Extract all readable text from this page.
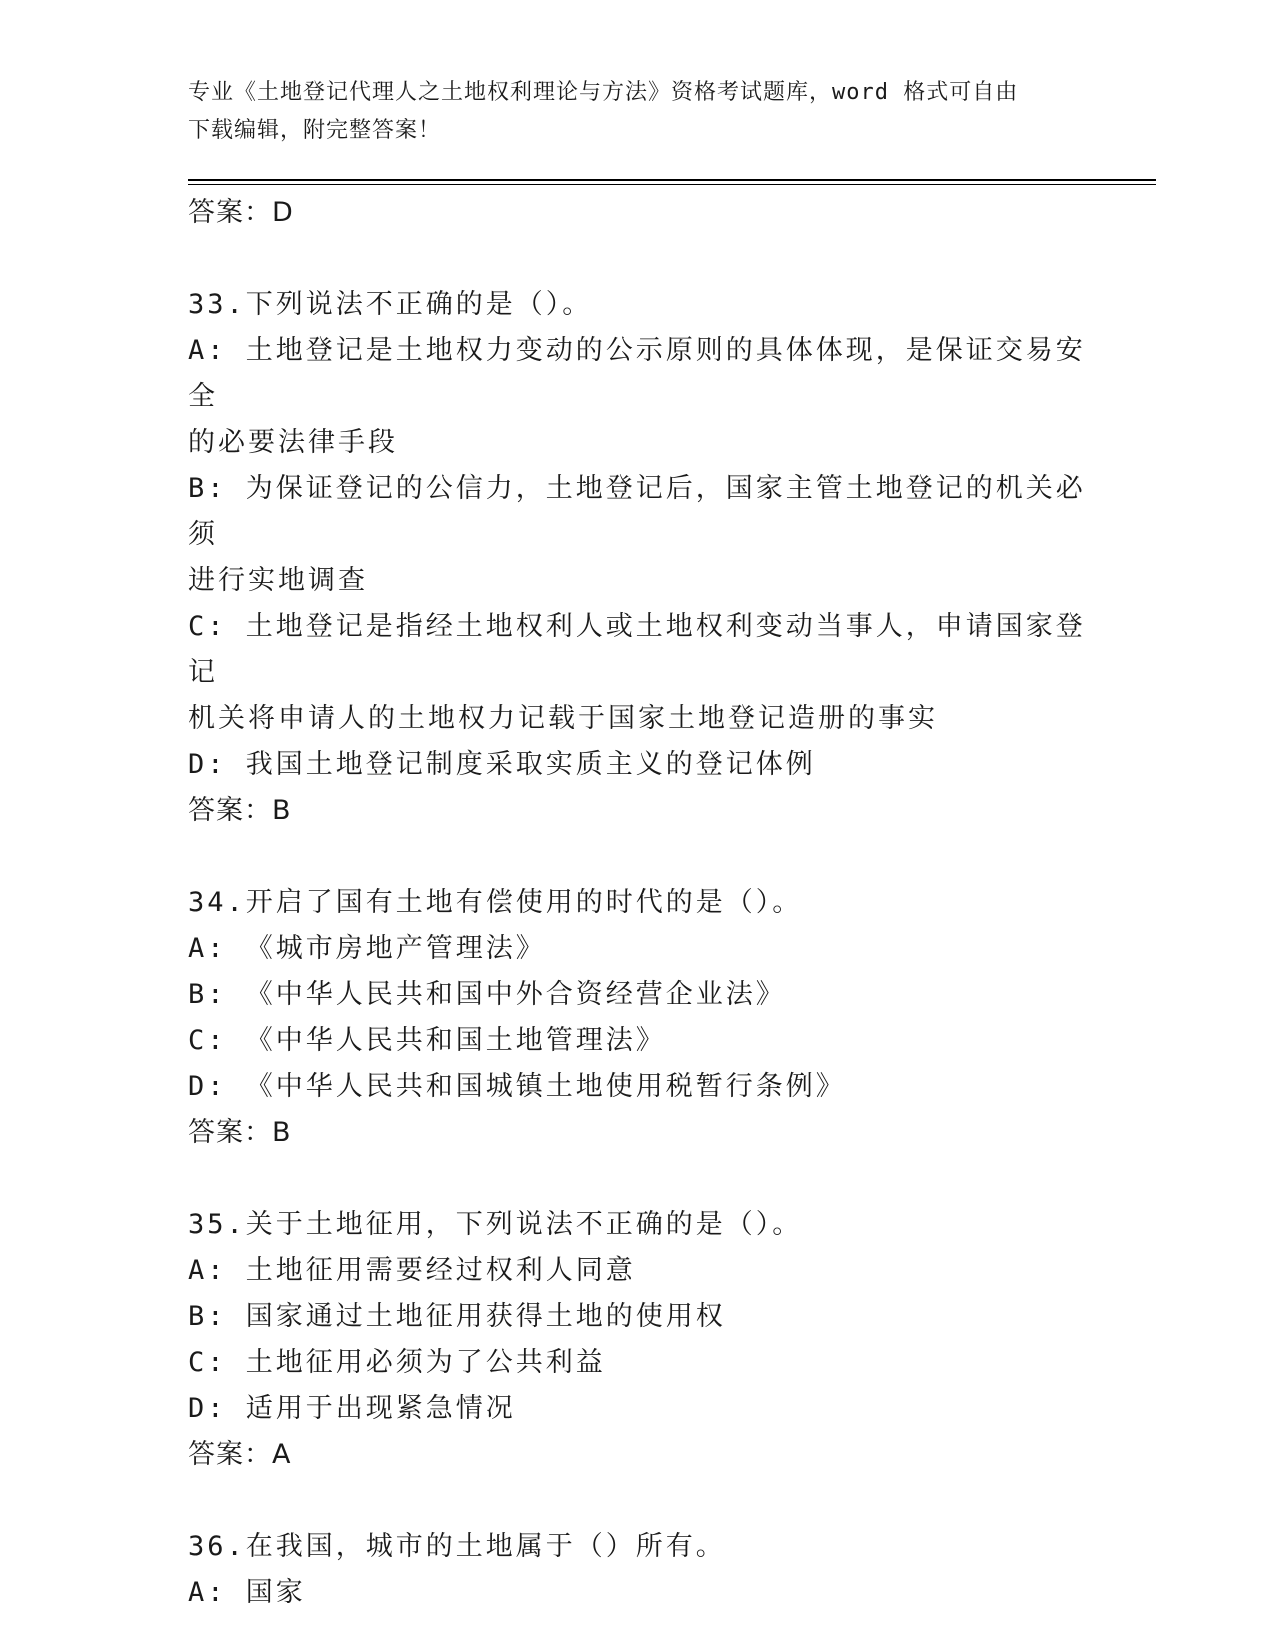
专业《土地登记代理人之土地权利理论与方法》资格考试题库，word 格式可自由
下载编辑，附完整答案！

答案：D

33.下列说法不正确的是（）。

A: 土地登记是土地权力变动的公示原则的具体体现，是保证交易安全

的必要法律手段

B: 为保证登记的公信力，土地登记后，国家主管土地登记的机关必须

进行实地调查

C: 土地登记是指经土地权利人或土地权利变动当事人，申请国家登记

机关将申请人的土地权力记载于国家土地登记造册的事实

D: 我国土地登记制度采取实质主义的登记体例

答案：B

34.开启了国有土地有偿使用的时代的是（）。

A: 《城市房地产管理法》

B: 《中华人民共和国中外合资经营企业法》

C: 《中华人民共和国土地管理法》

D: 《中华人民共和国城镇土地使用税暂行条例》

答案：B

35.关于土地征用，下列说法不正确的是（）。

A: 土地征用需要经过权利人同意

B: 国家通过土地征用获得土地的使用权

C: 土地征用必须为了公共利益

D: 适用于出现紧急情况

答案：A

36.在我国，城市的土地属于（）所有。

A: 国家
